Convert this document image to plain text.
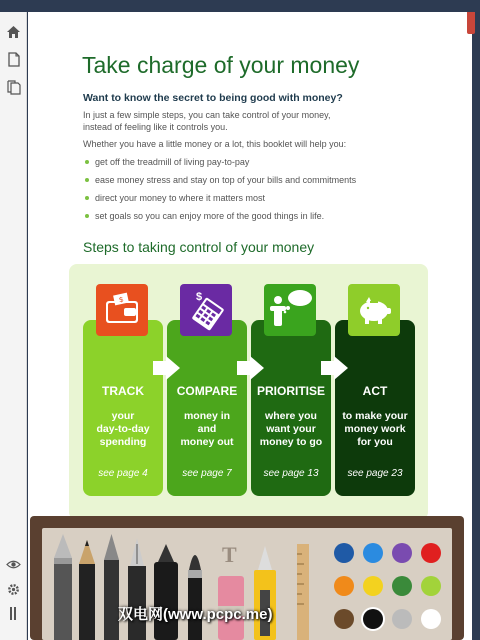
Take charge of your money
Want to know the secret to being good with money?
In just a few simple steps, you can take control of your money,
instead of feeling like it controls you.
Whether you have a little money or a lot, this booklet will help you:
get off the treadmill of living pay-to-pay
ease money stress and stay on top of your bills and commitments
direct your money to where it matters most
set goals so you can enjoy more of the good things in life.
Steps to taking control of your money
TRACK
your
day-to-day
spending
see page 4
COMPARE
money in
and
money out
see page 7
PRIORITISE
where you
want your
money to go
see page 13
ACT
to make your
money work
for you
see page 23
$	$
T
双电网(www.pcpc.me)
